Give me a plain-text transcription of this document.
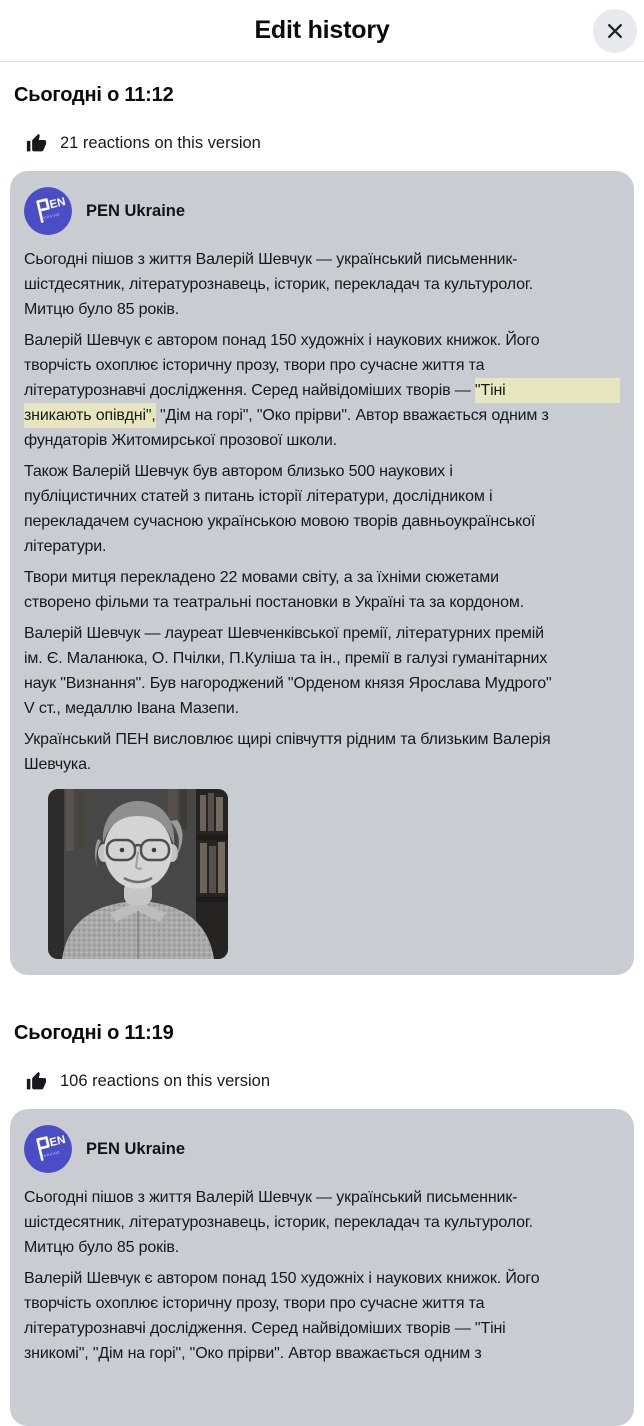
Edit history
Сьогодні о 11:12
21 reactions on this version
EN
UKRAINE PEN Ukraine
Сьогодні пішов з життя Валерій Шевчук — український письменник-
шістдесятник, літературознавець, історик, перекладач та культуролог.
Митцю було 85 років.
Валерій Шевчук є автором понад 150 художніх і наукових книжок. Його
творчість охоплює історичну прозу, твори про сучасне життя та
літературознавчі дослідження. Серед найвідоміших творів — "Тіні
зникають опівдні", "Дім на горі", "Око прірви". Автор вважається одним з
фундаторів Житомирської прозової школи.
Також Валерій Шевчук був автором близько 500 наукових і
публіцистичних статей з питань історії літератури, дослідником і
перекладачем сучасною українською мовою творів давньоукраїнської
літератури.
Твори митця перекладено 22 мовами світу, а за їхніми сюжетами
створено фільми та театральні постановки в Україні та за кордоном.
Валерій Шевчук — лауреат Шевченківської премії, літературних премій
ім. Є. Маланюка, О. Пчілки, П.Куліша та ін., премії в галузі гуманітарних
наук "Визнання". Був нагороджений "Орденом князя Ярослава Мудрого"
V ст., медаллю Івана Мазепи.
Український ПЕН висловлює щирі співчуття рідним та близьким Валерія
Шевчука.
Сьогодні о 11:19
106 reactions on this version
EN
UKRAINE PEN Ukraine
Сьогодні пішов з життя Валерій Шевчук — український письменник-
шістдесятник, літературознавець, історик, перекладач та культуролог.
Митцю було 85 років.
Валерій Шевчук є автором понад 150 художніх і наукових книжок. Його
творчість охоплює історичну прозу, твори про сучасне життя та
літературознавчі дослідження. Серед найвідоміших творів — "Тіні
зникомі", "Дім на горі", "Око прірви". Автор вважається одним з
